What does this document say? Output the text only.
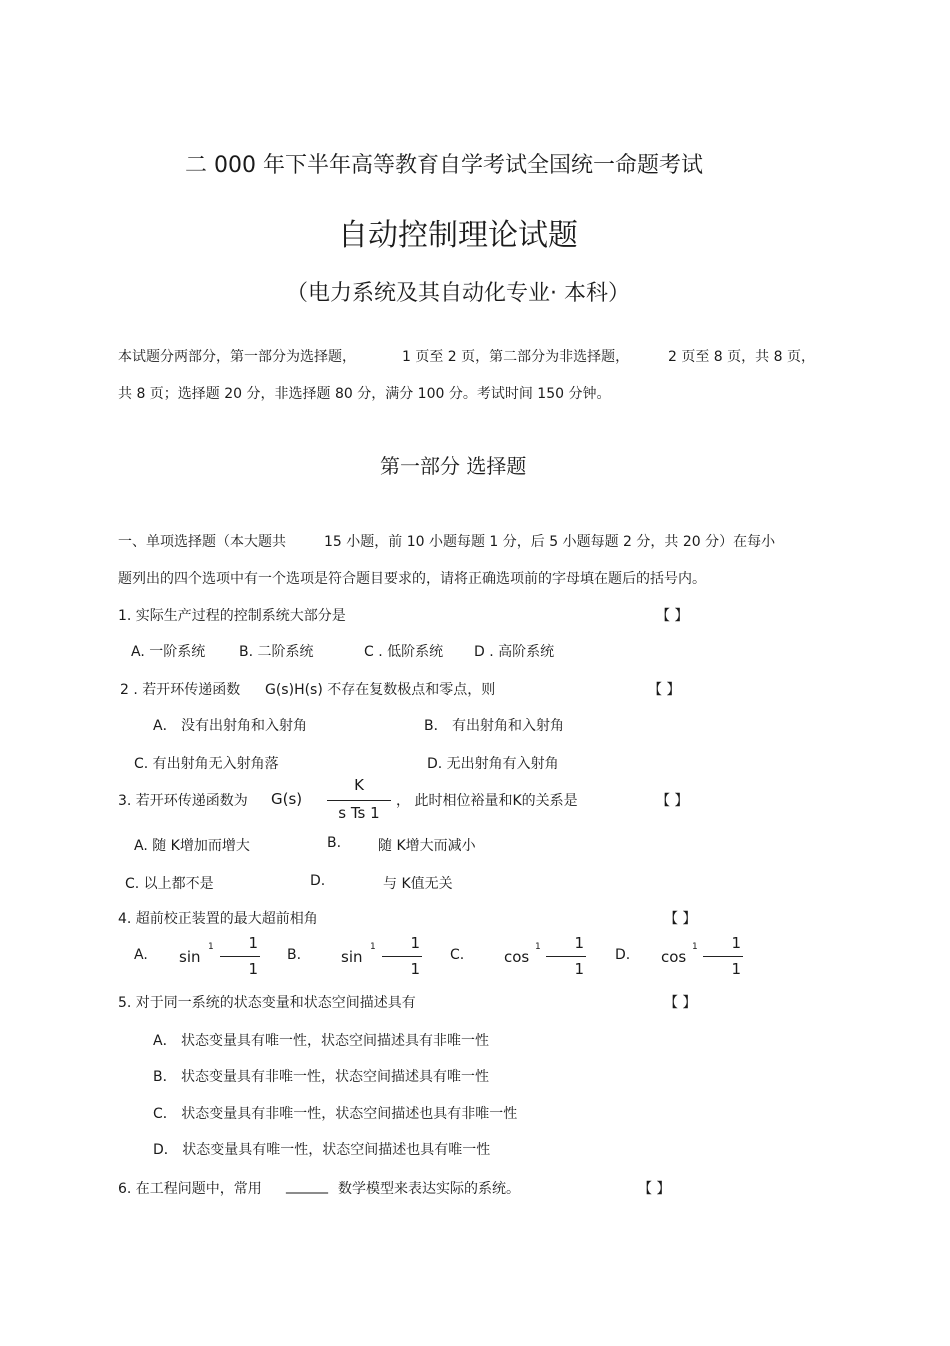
二 000 年下半年高等教育自学考试全国统一命题考试
自动控制理论试题
（电力系统及其自动化专业· 本科）
本试题分两部分，第一部分为选择题，	1 页至 2 页，第二部分为非选择题，	2 页至 8 页，共 8 页，
共 8 页；选择题 20 分，非选择题 80 分，满分 100 分。考试时间 150 分钟。
第一部分 选择题
一、单项选择题（本大题共	15 小题，前 10 小题每题 1 分，后 5 小题每题 2 分，共 20 分）在每小
题列出的四个选项中有一个选项是符合题目要求的，请将正确选项前的字母填在题后的括号内。
1. 实际生产过程的控制系统大部分是	【 】
A. 一阶系统 B. 二阶系统	C . 低阶系统 D . 高阶系统
2 . 若开环传递函数 G(s)H(s) 不存在复数极点和零点，则	【 】
A． 没有出射角和入射角	B． 有出射角和入射角
C. 有出射角无入射角落	D. 无出射角有入射角
3. 若开环传递函数为 G(s)
K
s Ts 1
， 此时相位裕量和K的关系是	【 】
A. 随 K增加而增大	B.	随 K增大而减小
C. 以上都不是	D.	与 K值无关
4. 超前校正装置的最大超前相角	【 】
A. sin
1 1
1
B.	sin
1 1
1
C.	cos
1 1
1
D. cos
1 1
1
5. 对于同一系统的状态变量和状态空间描述具有	【 】
A． 状态变量具有唯一性，状态空间描述具有非唯一性
B． 状态变量具有非唯一性，状态空间描述具有唯一性
C． 状态变量具有非唯一性，状态空间描述也具有非唯一性
D． 状态变量具有唯一性，状态空间描述也具有唯一性
6. 在工程问题中，常用 ______ 数学模型来表达实际的系统。	【 】
